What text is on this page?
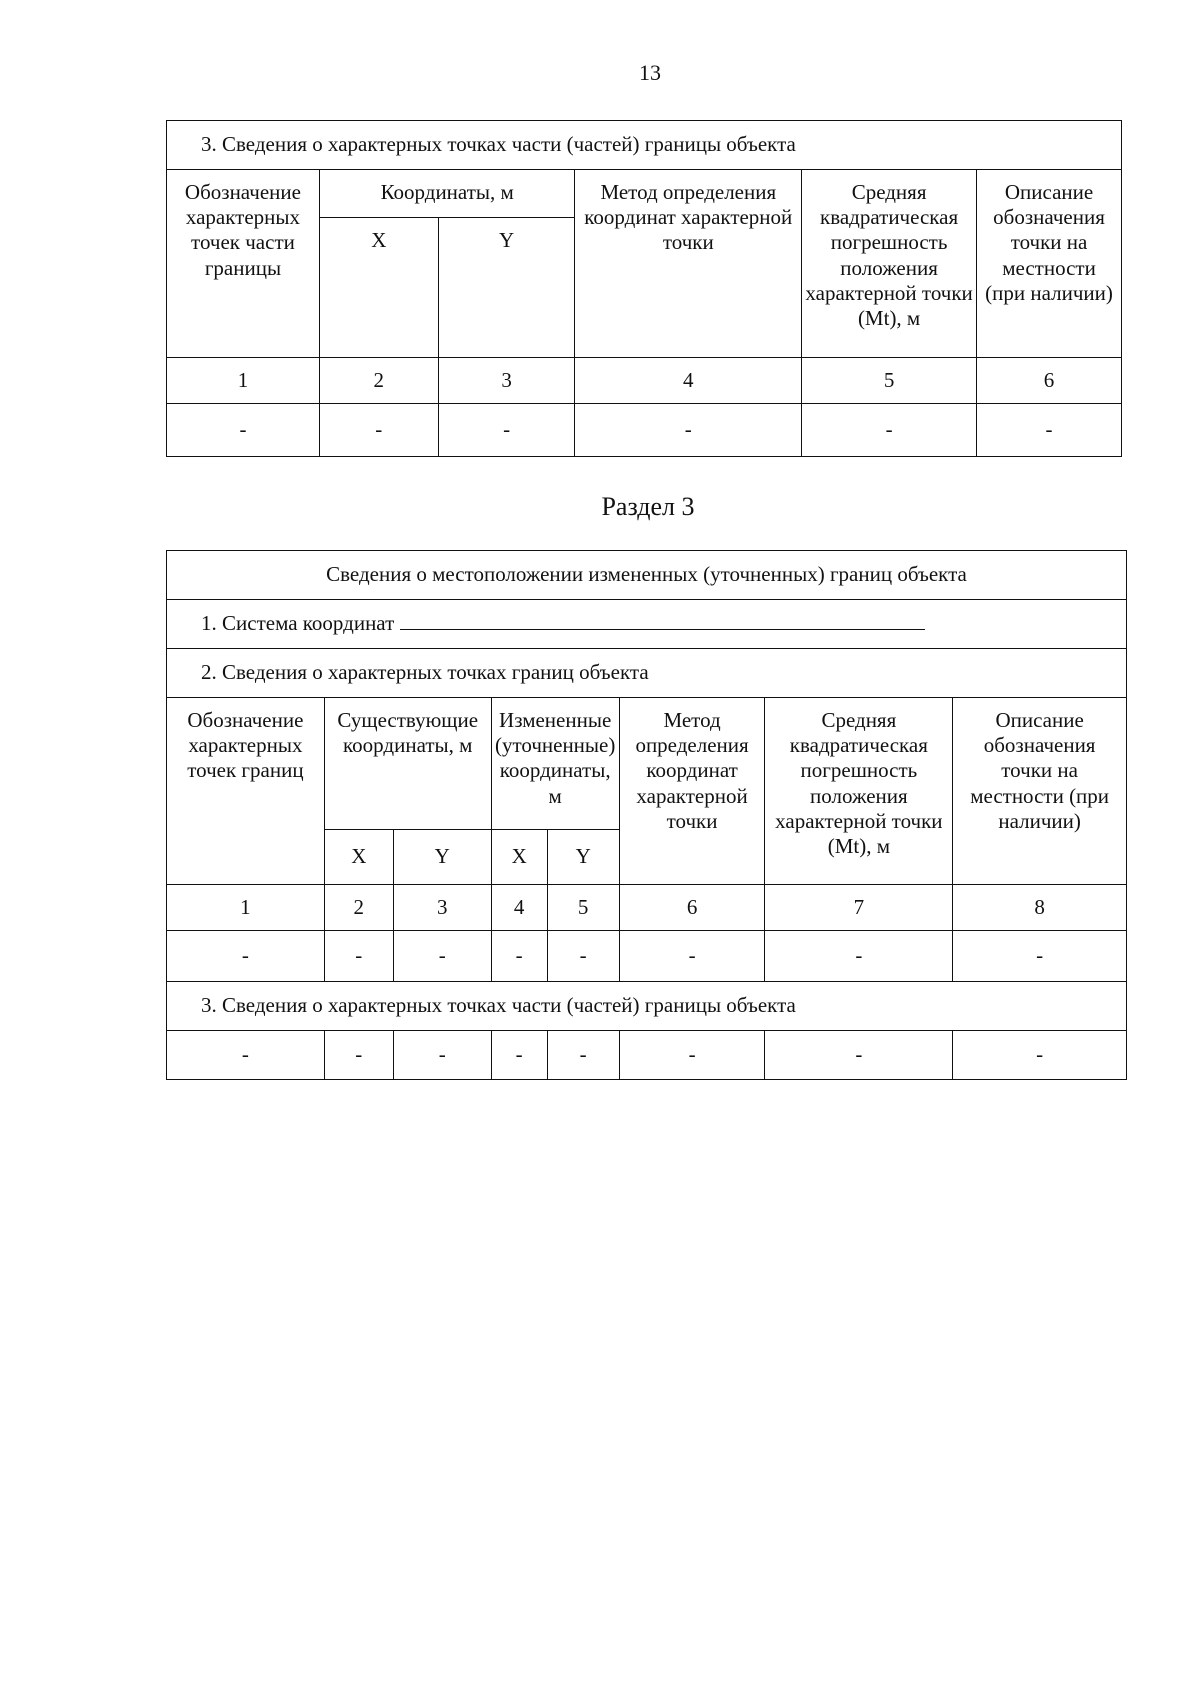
13
3. Сведения о характерных точках части (частей) границы объекта					
Обозначение характерных точек части границы	Координаты, м		Метод определения координат характерной точки	Средняя квадратическая погрешность положения характерной точки (Mt), м	Описание обозначения точки на местности (при наличии)
	X	Y			
1	2	3	4	5	6
-	-	-	-	-	-
Раздел 3
Сведения о местоположении измененных (уточненных) границ объекта							
1. Система координат							
2. Сведения о характерных точках границ объекта							
Обозначение характерных точек границ	Существующие координаты, м		Измененные (уточненные) координаты, м		Метод определения координат характерной точки	Средняя квадратическая погрешность положения характерной точки (Mt), м	Описание обозначения точки на местности (при наличии)
	X	Y	X	Y			
1	2	3	4	5	6	7	8
-	-	-	-	-	-	-	-
3. Сведения о характерных точках части (частей) границы объекта							
-	-	-	-	-	-	-	-
